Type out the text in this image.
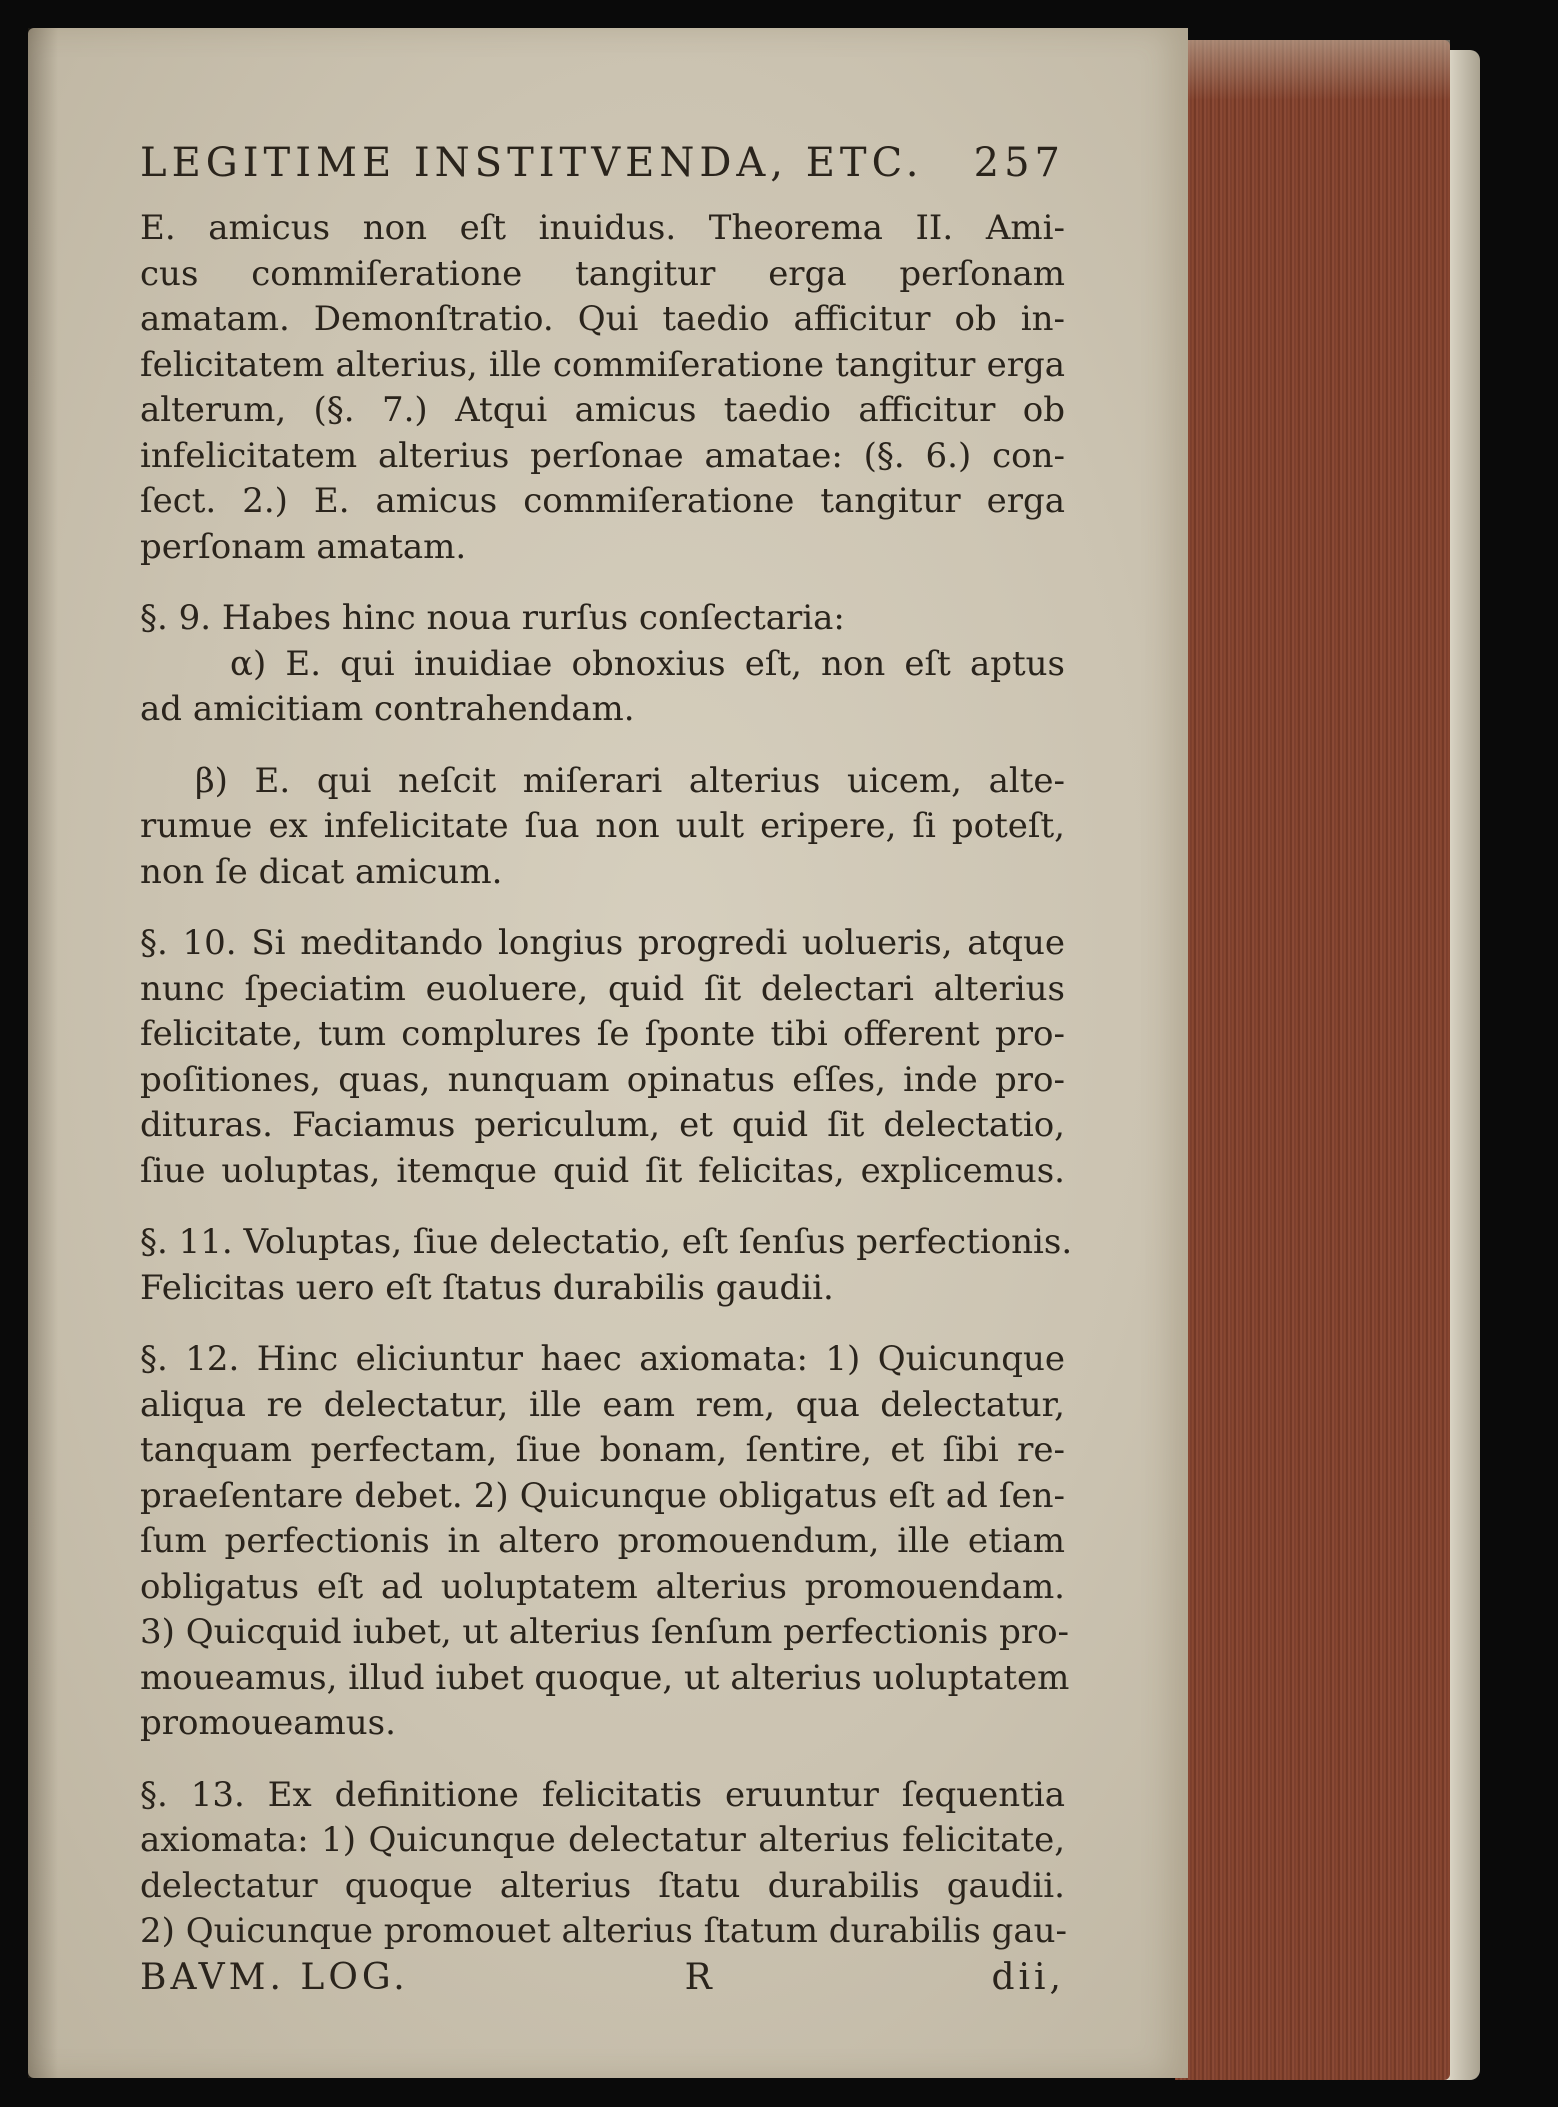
LEGITIME INSTITVENDA, ETC. 257
E. amicus non eſt inuidus. Theorema II. Ami-
cus commiſeratione tangitur erga perſonam
amatam. Demonſtratio. Qui taedio afficitur ob in-
felicitatem alterius, ille commiſeratione tangitur erga
alterum, (§. 7.) Atqui amicus taedio afficitur ob
infelicitatem alterius perſonae amatae: (§. 6.) con-
ſect. 2.) E. amicus commiſeratione tangitur erga
perſonam amatam.
§. 9. Habes hinc noua rurſus conſectaria:
α) E. qui inuidiae obnoxius eſt, non eſt aptus
ad amicitiam contrahendam.
β) E. qui neſcit miſerari alterius uicem, alte-
rumue ex infelicitate ſua non uult eripere, ſi poteſt,
non ſe dicat amicum.
§. 10. Si meditando longius progredi uolueris, atque
nunc ſpeciatim euoluere, quid ſit delectari alterius
felicitate, tum complures ſe ſponte tibi offerent pro-
poſitiones, quas, nunquam opinatus eſſes, inde pro-
dituras. Faciamus periculum, et quid ſit delectatio,
ſiue uoluptas, itemque quid ſit felicitas, explicemus.
§. 11. Voluptas, ſiue delectatio, eſt ſenſus perfectionis.
Felicitas uero eſt ſtatus durabilis gaudii.
§. 12. Hinc eliciuntur haec axiomata: 1) Quicunque
aliqua re delectatur, ille eam rem, qua delectatur,
tanquam perfectam, ſiue bonam, ſentire, et ſibi re-
praeſentare debet. 2) Quicunque obligatus eſt ad ſen-
ſum perfectionis in altero promouendum, ille etiam
obligatus eſt ad uoluptatem alterius promouendam.
3) Quicquid iubet, ut alterius ſenſum perfectionis pro-
moueamus, illud iubet quoque, ut alterius uoluptatem
promoueamus.
§. 13. Ex definitione felicitatis eruuntur ſequentia
axiomata: 1) Quicunque delectatur alterius felicitate,
delectatur quoque alterius ſtatu durabilis gaudii.
2) Quicunque promouet alterius ſtatum durabilis gau-
BAVM. LOG.	R	dii,
